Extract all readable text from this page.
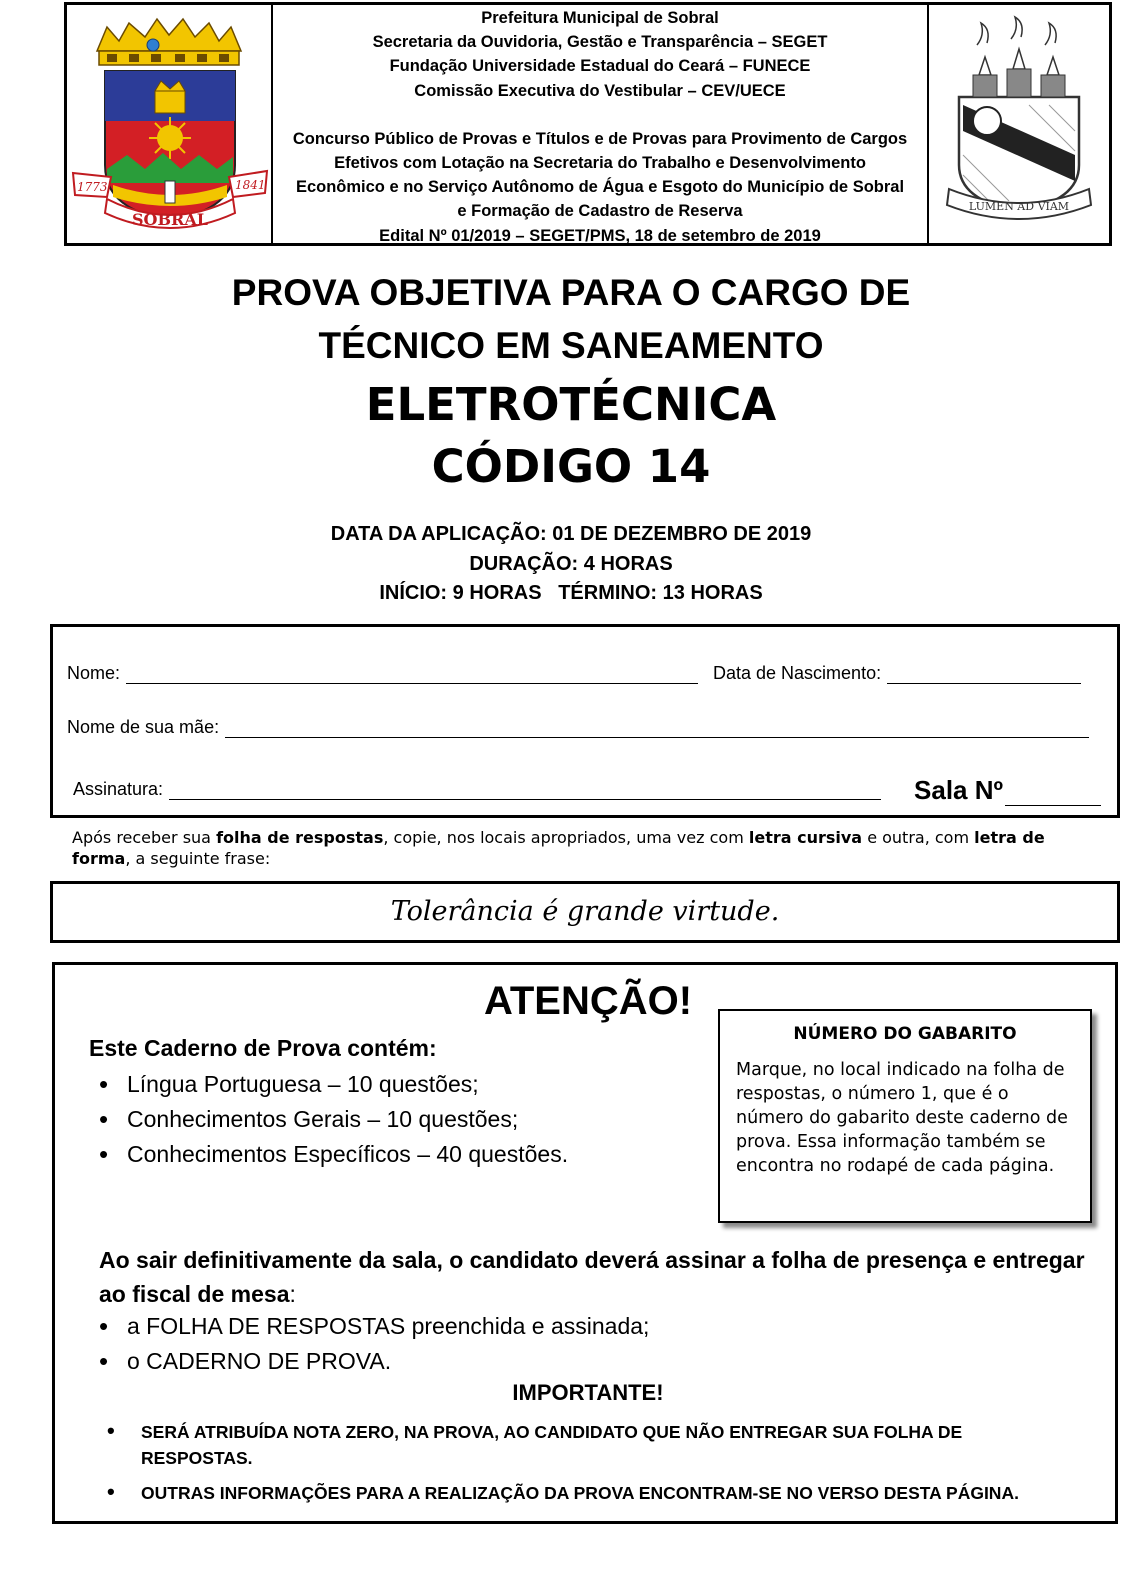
1773	1841
SOBRAL
Prefeitura Municipal de Sobral
Secretaria da Ouvidoria, Gestão e Transparência – SEGET
Fundação Universidade Estadual do Ceará – FUNECE
Comissão Executiva do Vestibular – CEV/UECE
Concurso Público de Provas e Títulos e de Provas para Provimento de Cargos
Efetivos com Lotação na Secretaria do Trabalho e Desenvolvimento
Econômico e no Serviço Autônomo de Água e Esgoto do Município de Sobral
e Formação de Cadastro de Reserva
Edital Nº 01/2019 – SEGET/PMS, 18 de setembro de 2019
LUMEN AD VIAM
PROVA OBJETIVA PARA O CARGO DE
TÉCNICO EM SANEAMENTO
ELETROTÉCNICA
CÓDIGO 14
DATA DA APLICAÇÃO: 01 DE DEZEMBRO DE 2019
DURAÇÃO: 4 HORAS
INÍCIO: 9 HORAS   TÉRMINO: 13 HORAS
Nome:	Data de Nascimento:
Nome de sua mãe:
Assinatura:	Sala Nº
Após receber sua folha de respostas, copie, nos locais apropriados, uma vez com letra cursiva e outra, com letra de forma, a seguinte frase:
Tolerância é grande virtude.
ATENÇÃO!
Este Caderno de Prova contém:
• Língua Portuguesa – 10 questões;
• Conhecimentos Gerais – 10 questões;
• Conhecimentos Específicos – 40 questões.
NÚMERO DO GABARITO
Marque, no local indicado na folha de respostas, o número 1, que é o número do gabarito deste caderno de prova. Essa informação também se encontra no rodapé de cada página.
Ao sair definitivamente da sala, o candidato deverá assinar a folha de presença e entregar ao fiscal de mesa:
• a FOLHA DE RESPOSTAS preenchida e assinada;
• o CADERNO DE PROVA.
IMPORTANTE!
• SERÁ ATRIBUÍDA NOTA ZERO, NA PROVA, AO CANDIDATO QUE NÃO ENTREGAR SUA FOLHA DE RESPOSTAS.
• OUTRAS INFORMAÇÕES PARA A REALIZAÇÃO DA PROVA ENCONTRAM-SE NO VERSO DESTA PÁGINA.
